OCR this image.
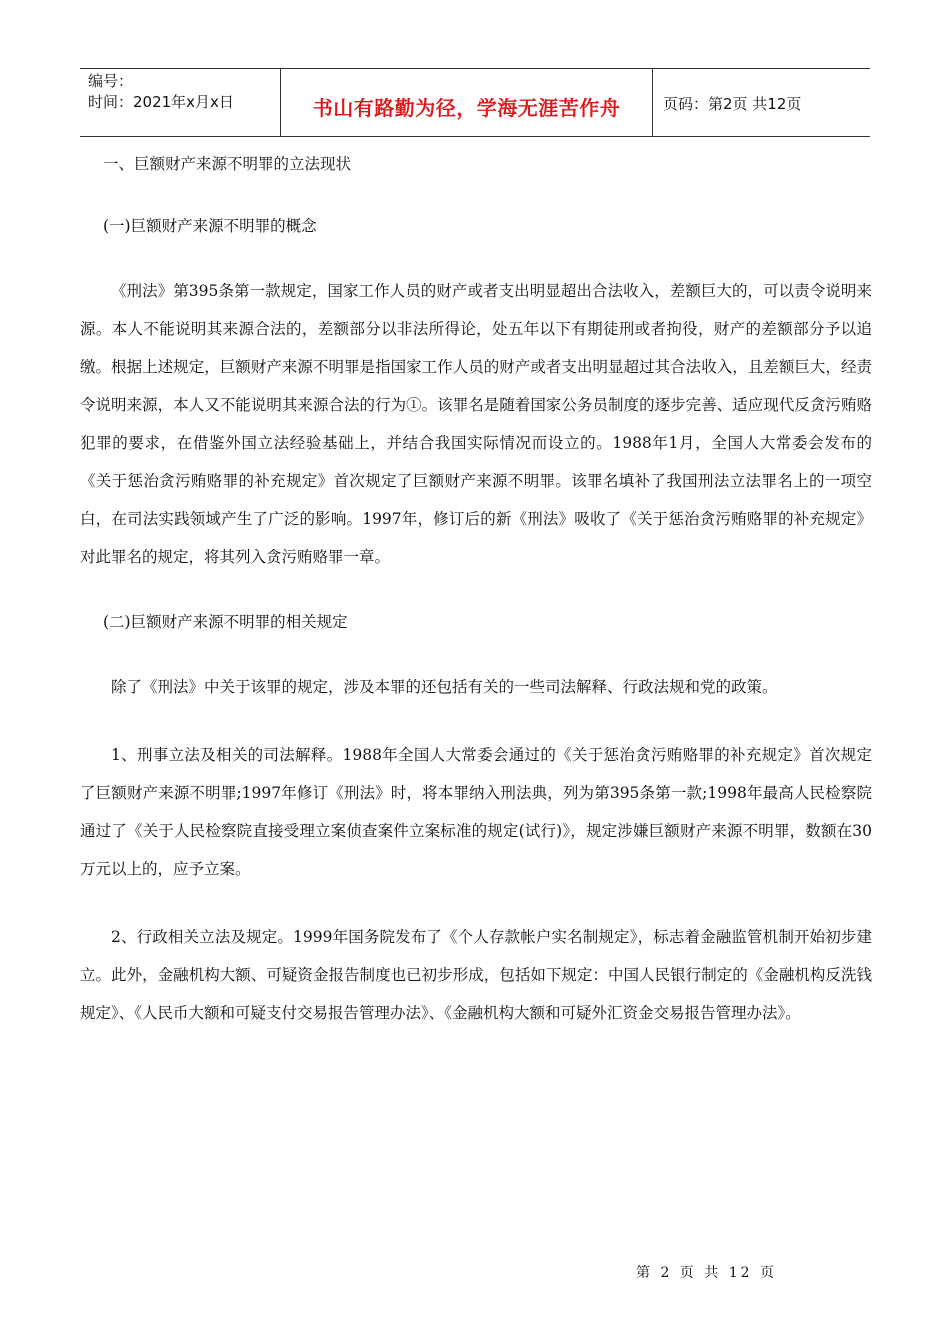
编号：
时间：2021年x月x日	书山有路勤为径，学海无涯苦作舟	页码：第2页 共12页

一、巨额财产来源不明罪的立法现状

(一)巨额财产来源不明罪的概念

《刑法》第395条第一款规定，国家工作人员的财产或者支出明显超出合法收入，差额巨大的，可以责令说明来源。本人不能说明其来源合法的，差额部分以非法所得论，处五年以下有期徒刑或者拘役，财产的差额部分予以追缴。根据上述规定，巨额财产来源不明罪是指国家工作人员的财产或者支出明显超过其合法收入，且差额巨大，经责令说明来源，本人又不能说明其来源合法的行为①。该罪名是随着国家公务员制度的逐步完善、适应现代反贪污贿赂犯罪的要求，在借鉴外国立法经验基础上，并结合我国实际情况而设立的。1988年1月，全国人大常委会发布的《关于惩治贪污贿赂罪的补充规定》首次规定了巨额财产来源不明罪。该罪名填补了我国刑法立法罪名上的一项空白，在司法实践领域产生了广泛的影响。1997年，修订后的新《刑法》吸收了《关于惩治贪污贿赂罪的补充规定》对此罪名的规定，将其列入贪污贿赂罪一章。

(二)巨额财产来源不明罪的相关规定

除了《刑法》中关于该罪的规定，涉及本罪的还包括有关的一些司法解释、行政法规和党的政策。

1、刑事立法及相关的司法解释。1988年全国人大常委会通过的《关于惩治贪污贿赂罪的补充规定》首次规定了巨额财产来源不明罪;1997年修订《刑法》时，将本罪纳入刑法典，列为第395条第一款;1998年最高人民检察院通过了《关于人民检察院直接受理立案侦查案件立案标准的规定(试行)》，规定涉嫌巨额财产来源不明罪，数额在30万元以上的，应予立案。

2、行政相关立法及规定。1999年国务院发布了《个人存款帐户实名制规定》，标志着金融监管机制开始初步建立。此外，金融机构大额、可疑资金报告制度也已初步形成，包括如下规定：中国人民银行制定的《金融机构反洗钱规定》、《人民币大额和可疑支付交易报告管理办法》、《金融机构大额和可疑外汇资金交易报告管理办法》。

第 2 页 共 12 页
